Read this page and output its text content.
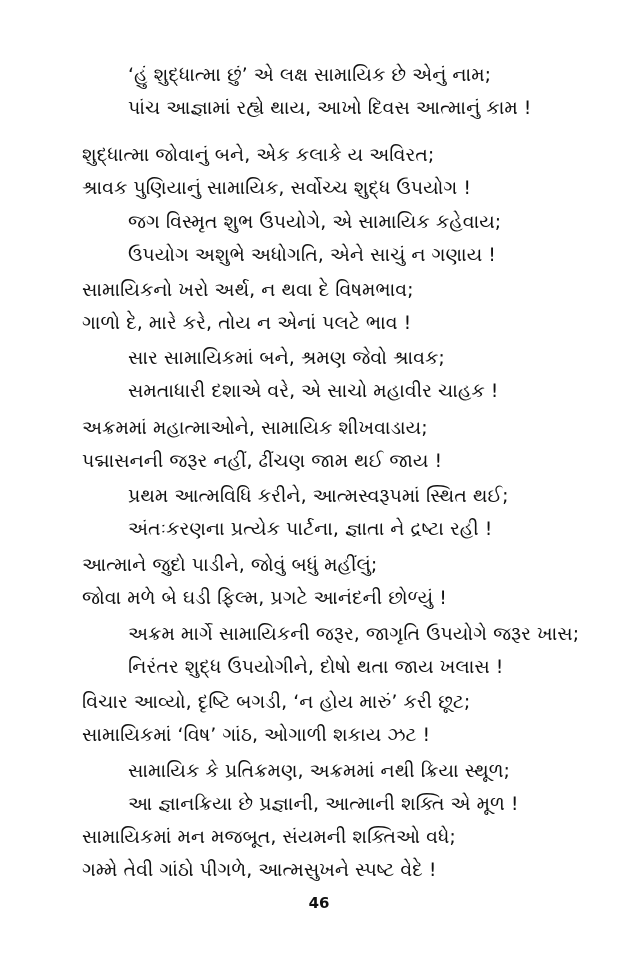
‘હું શુદ્ધાત્મા છું’ એ લક્ષ સામાયિક છે એનું નામ;
પાંચ આજ્ઞામાં રહ્યે થાય, આખો દિવસ આત્માનું કામ !
શુદ્ધાત્મા જોવાનું બને, એક કલાકે ય અવિરત;
શ્રાવક પુણિયાનું સામાયિક, સર્વોચ્ચ શુદ્ધ ઉપયોગ !
જગ વિસ્મૃત શુભ ઉપયોગે, એ સામાયિક કહેવાય;
ઉપયોગ અશુભે અધોગતિ, એને સાચું ન ગણાય !
સામાયિકનો ખરો અર્થ, ન થવા દે વિષમભાવ;
ગાળો દે, મારે કરે, તોય ન એનાં પલટે ભાવ !
સાર સામાયિકમાં બને, શ્રમણ જેવો શ્રાવક;
સમતાધારી દશાએ વરે, એ સાચો મહાવીર ચાહક !
અક્રમમાં મહાત્માઓને, સામાયિક શીખવાડાય;
પદ્માસનની જરૂર નહીં, ઢીંચણ જામ થઈ જાય !
પ્રથમ આત્મવિધિ કરીને, આત્મસ્વરૂપમાં સ્થિત થઈ;
અંતઃકરણના પ્રત્યેક પાર્ટના, જ્ઞાતા ને દ્રષ્ટા રહી !
આત્માને જુદો પાડીને, જોવું બધું મહીંલું;
જોવા મળે બે ઘડી ફિલ્મ, પ્રગટે આનંદની છોળ્યું !
અક્રમ માર્ગે સામાયિકની જરૂર, જાગૃતિ ઉપયોગે જરૂર ખાસ;
નિરંતર શુદ્ધ ઉપયોગીને, દોષો થતા જાય ખલાસ !
વિચાર આવ્યો, દૃષ્ટિ બગડી, ‘ન હોય મારું’ કરી છૂટ;
સામાયિકમાં ‘વિષ’ ગાંઠ, ઓગાળી શકાય ઝટ !
સામાયિક કે પ્રતિક્રમણ, અક્રમમાં નથી ક્રિયા સ્થૂળ;
આ જ્ઞાનક્રિયા છે પ્રજ્ઞાની, આત્માની શક્તિ એ મૂળ !
સામાયિકમાં મન મજબૂત, સંયમની શક્તિઓ વધે;
ગમ્મે તેવી ગાંઠો પીગળે, આત્મસુખને સ્પષ્ટ વેદે !
46
